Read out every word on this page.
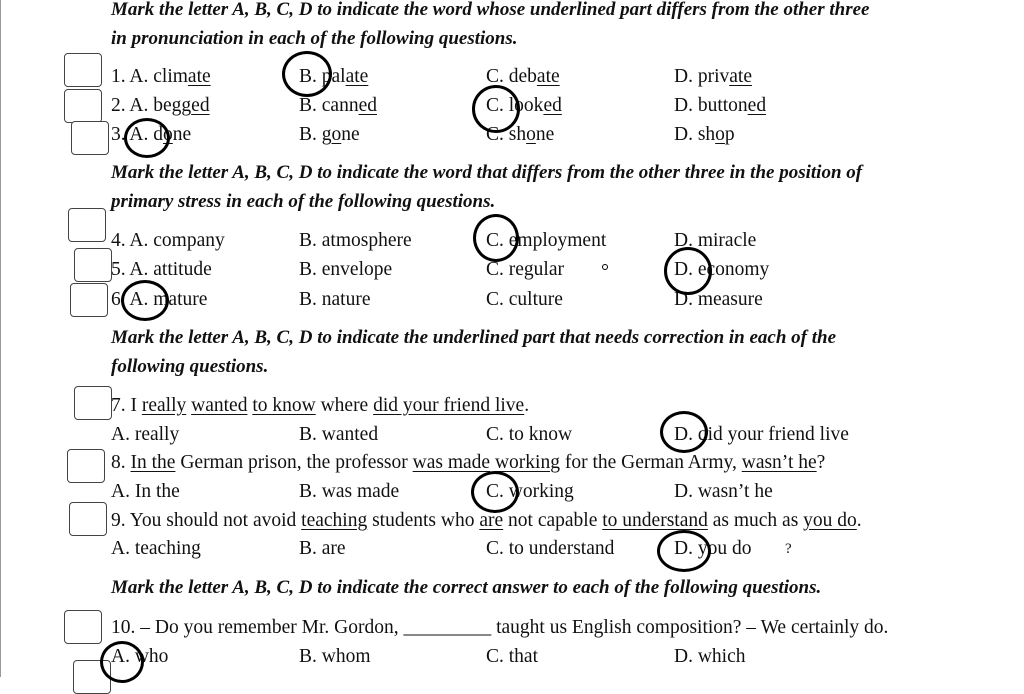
Mark the letter A, B, C, D to indicate the word whose underlined part differs from the other three
in pronunciation in each of the following questions.
1. A. climate	B. palate	C. debate	D. private
2. A. begged	B. canned	C. looked	D. buttoned
3. A. done	B. gone	C. shone	D. shop
Mark the letter A, B, C, D to indicate the word that differs from the other three in the position of
primary stress in each of the following questions.
4. A. company	B. atmosphere	C. employment	D. miracle
5. A. attitude	B. envelope	C. regular	D. economy
6. A. mature	B. nature	C. culture	D. measure
Mark the letter A, B, C, D to indicate the underlined part that needs correction in each of the
following questions.
7. I really wanted to know where did your friend live.
A. really	B. wanted	C. to know	D. did your friend live
8. In the German prison, the professor was made working for the German Army, wasn’t he?
A. In the	B. was made	C. working	D. wasn’t he
9. You should not avoid teaching students who are not capable to understand as much as you do.
A. teaching	B. are	C. to understand	D. you do ?
Mark the letter A, B, C, D to indicate the correct answer to each of the following questions.
10. – Do you remember Mr. Gordon, _________ taught us English composition? – We certainly do.
A. who	B. whom	C. that	D. which
